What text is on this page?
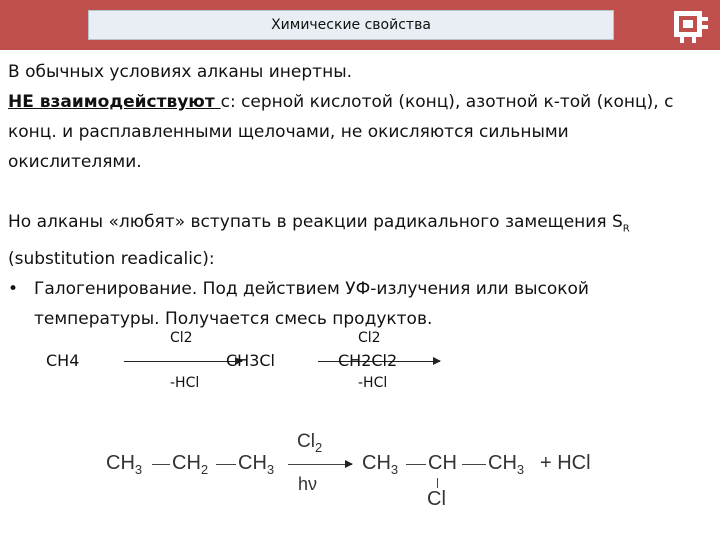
Химические свойства

В обычных условиях алканы инертны.

НЕ взаимодействуют с: серной кислотой (конц), азотной к-той (конц), с конц. и расплавленными щелочами, не окисляются сильными окислителями.

Но алканы «любят» вступать в реакции радикального замещения $S_R$
(substitution readicalic):

• Галогенирование. Под действием УФ-излучения или высокой температуры. Получается смесь продуктов.
Cl2	Cl2
CH4	CH3Cl	CH2Cl2
-HCl	-HCl
$CH_3$ $CH_2$ $CH_3$
$Cl_2$
hν
$CH_3$ CH $CH_3$ + HCl
Cl
